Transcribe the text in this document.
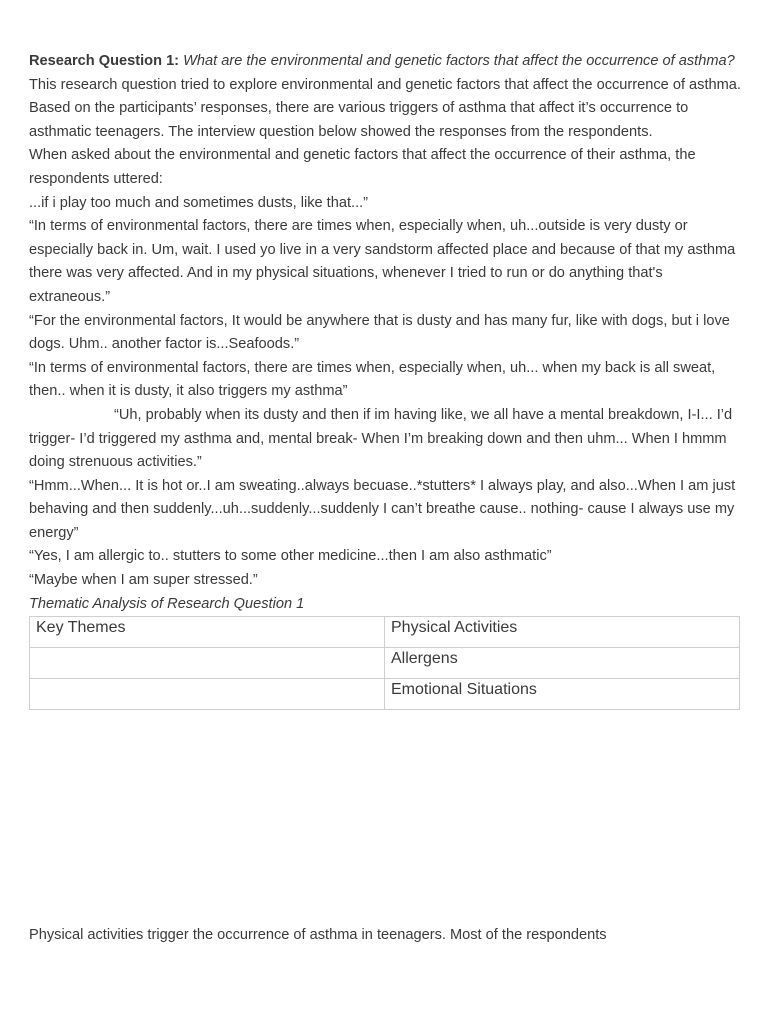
Research Question 1: What are the environmental and genetic factors that affect the occurrence of asthma?

This research question tried to explore environmental and genetic factors that affect the occurrence of asthma. Based on the participants’ responses, there are various triggers of asthma that affect it’s occurrence to asthmatic teenagers. The interview question below showed the responses from the respondents.

When asked about the environmental and genetic factors that affect the occurrence of their asthma, the respondents uttered:

...if i play too much and sometimes dusts, like that...”

“In terms of environmental factors, there are times when, especially when, uh...outside is very dusty or especially back in. Um, wait. I used yo live in a very sandstorm affected place and because of that my asthma there was very affected. And in my physical situations, whenever I tried to run or do anything that's extraneous.”

“For the environmental factors, It would be anywhere that is dusty and has many fur, like with dogs, but i love dogs. Uhm.. another factor is...Seafoods.”

“In terms of environmental factors, there are times when, especially when, uh... when my back is all sweat, then.. when it is dusty, it also triggers my asthma”

“Uh, probably when its dusty and then if im having like, we all have a mental breakdown, I-I... I’d trigger- I’d triggered my asthma and, mental break- When I’m breaking down and then uhm... When I hmmm doing strenuous activities.”

“Hmm...When... It is hot or..I am sweating..always becuase..*stutters* I always play, and also...When I am just behaving and then suddenly...uh...suddenly...suddenly I can’t breathe cause.. nothing- cause I always use my energy”

“Yes, I am allergic to.. stutters to some other medicine...then I am also asthmatic”

“Maybe when I am super stressed.”

Thematic Analysis of Research Question 1

Key Themes	Physical Activities
	Allergens
	Emotional Situations

Physical activities trigger the occurrence of asthma in teenagers. Most of the respondents
